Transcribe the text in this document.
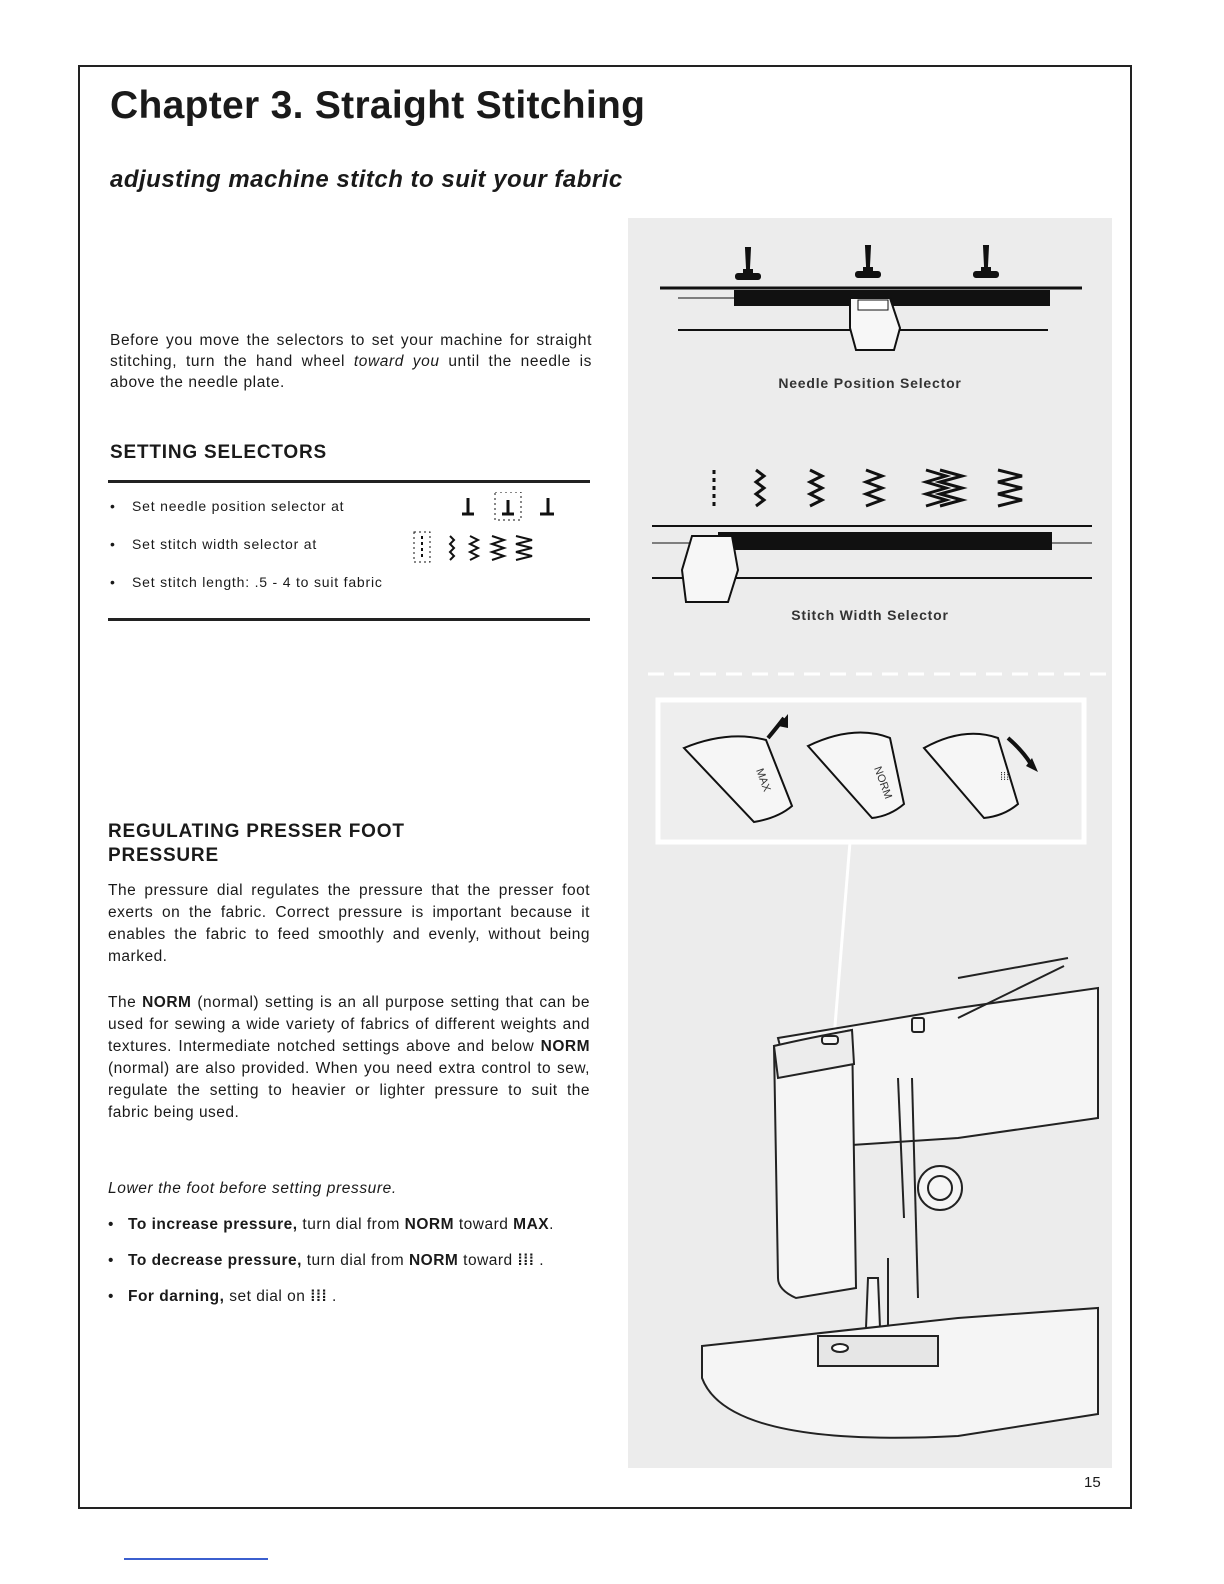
Chapter 3. Straight Stitching
adjusting machine stitch to suit your fabric

Before you move the selectors to set your machine for straight stitching, turn the hand wheel toward you until the needle is above the needle plate.

SETTING SELECTORS
•	Set needle position selector at
•	Set stitch width selector at
•	Set stitch length: .5 - 4 to suit fabric
REGULATING PRESSER FOOT PRESSURE

The pressure dial regulates the pressure that the presser foot exerts on the fabric. Correct pressure is important because it enables the fabric to feed smoothly and evenly, without being marked.

The NORM (normal) setting is an all purpose setting that can be used for sewing a wide variety of fabrics of different weights and textures. Intermediate notched settings above and below NORM (normal) are also provided. When you need extra control to sew, regulate the setting to heavier or lighter pressure to suit the fabric being used.

Lower the foot before setting pressure.

• To increase pressure, turn dial from NORM toward MAX.
• To decrease pressure, turn dial from NORM toward ⁞⁞⁞ .
• For darning, set dial on ⁞⁞⁞ .
Needle Position Selector
Stitch Width Selector
MAX	NORM	⁞⁞⁞

15
